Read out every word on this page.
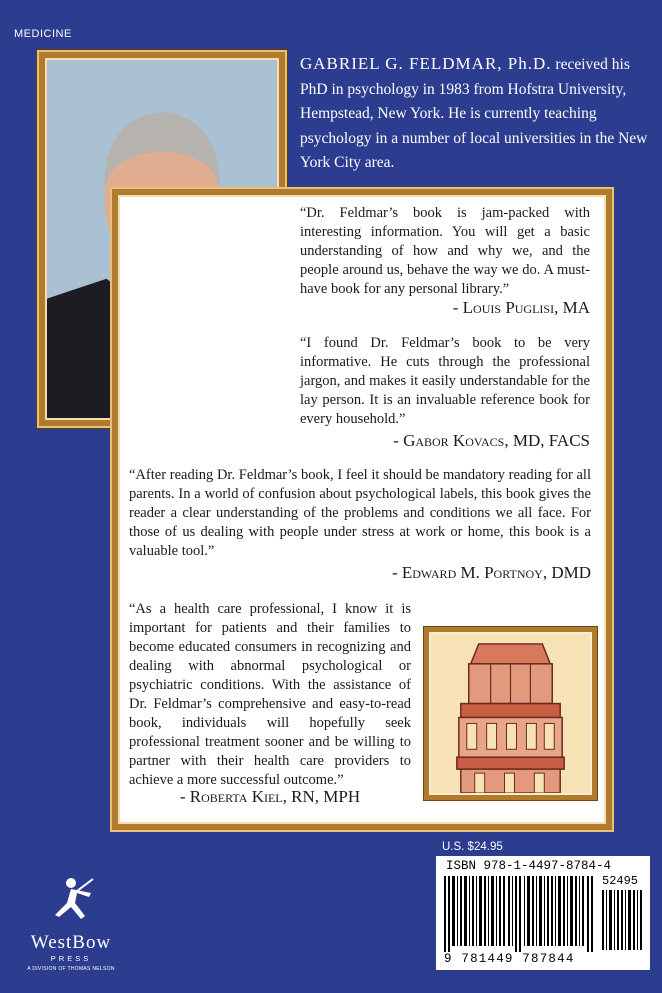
MEDICINE
GABRIEL G. FELDMAR, Ph.D. received his PhD in psychology in 1983 from Hofstra University, Hempstead, New York. He is currently teaching psychology in a number of local universities in the New York City area.
“Dr. Feldmar’s book is jam-packed with interesting information. You will get a basic understanding of how and why we, and the people around us, behave the way we do. A must-have book for any personal library.”
- Louis Puglisi, MA
“I found Dr. Feldmar’s book to be very informative. He cuts through the professional jargon, and makes it easily understandable for the lay person. It is an invaluable reference book for every household.”
- Gabor Kovacs, MD, FACS
“After reading Dr. Feldmar’s book, I feel it should be mandatory reading for all parents. In a world of confusion about psychological labels, this book gives the reader a clear understanding of the problems and conditions we all face. For those of us dealing with people under stress at work or home, this book is a valuable tool.”
- Edward M. Portnoy, DMD
“As a health care professional, I know it is important for patients and their families to become educated consumers in recognizing and dealing with abnormal psychological or psychiatric conditions. With the assistance of Dr. Feldmar’s comprehensive and easy-to-read book, individuals will hopefully seek professional treatment sooner and be willing to partner with their health care providers to achieve a more successful outcome.”
- Roberta Kiel, RN, MPH
U.S. $24.95
ISBN 978-1-4497-8784-4
52495
9 781449 787844
WestBow
PRESS
A DIVISION OF THOMAS NELSON
